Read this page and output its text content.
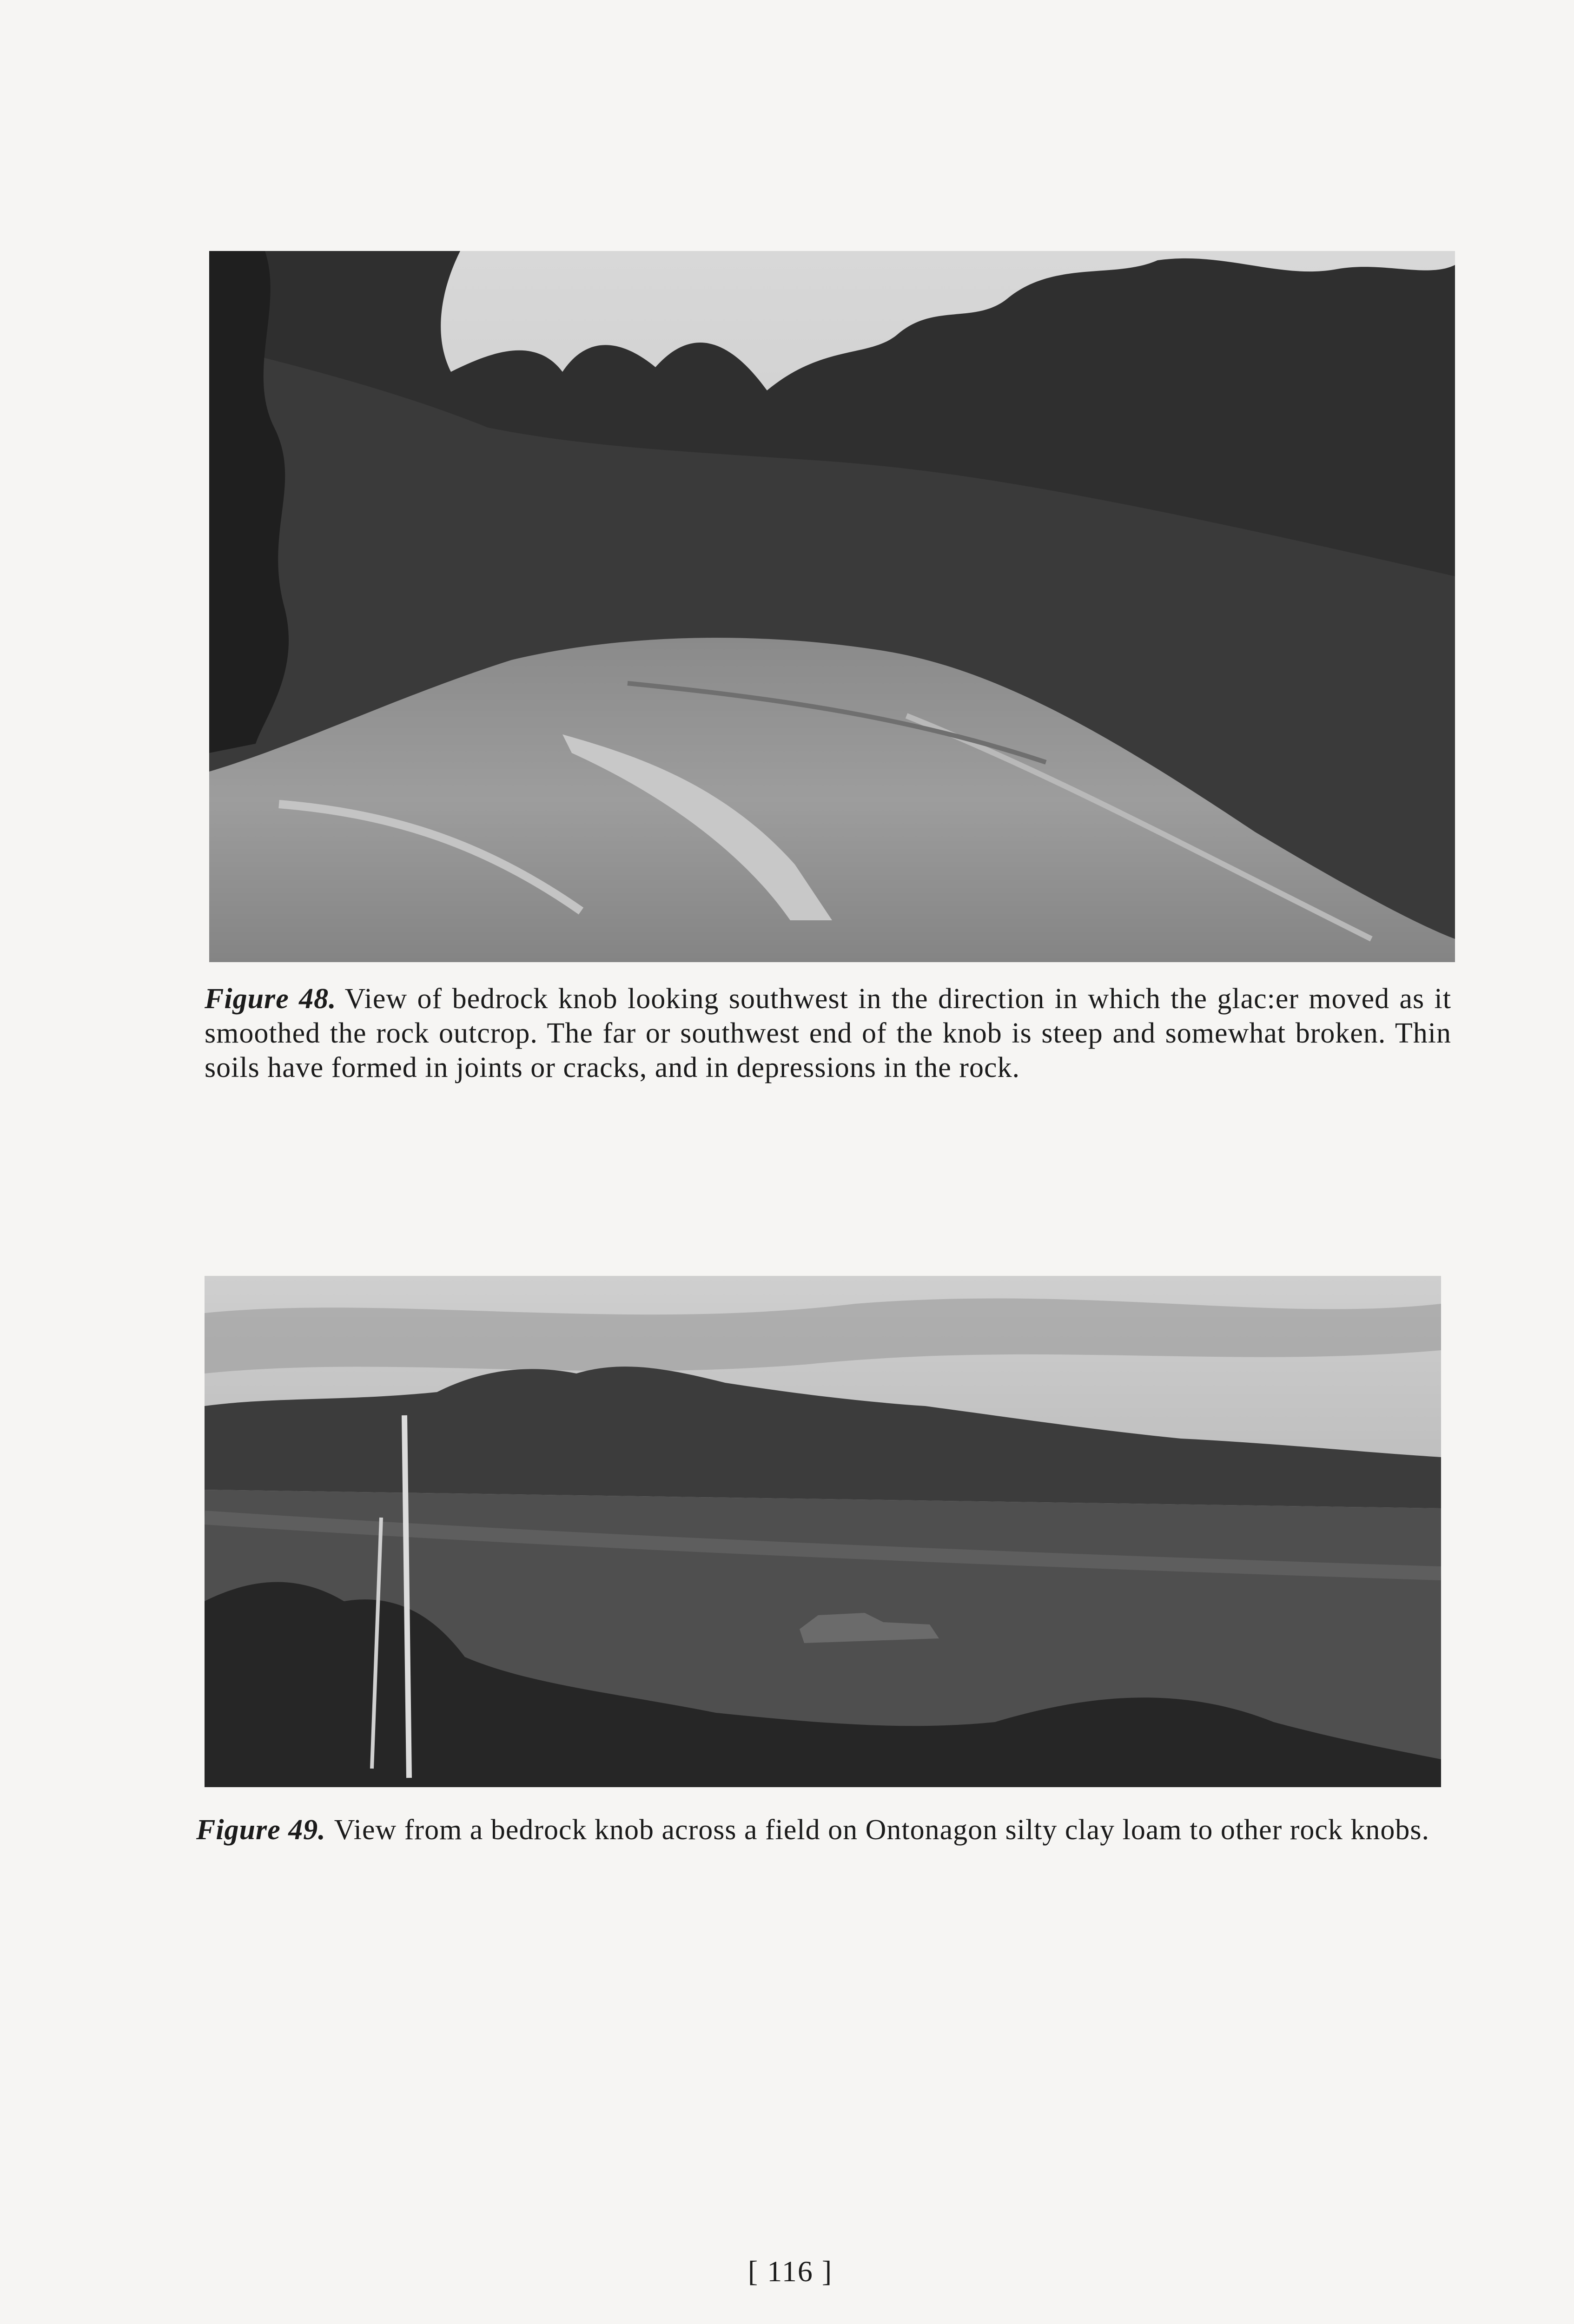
Figure 48. View of bedrock knob looking southwest in the direction in which the glac:er moved as it smoothed the rock outcrop. The far or southwest end of the knob is steep and somewhat broken. Thin soils have formed in joints or cracks, and in depressions in the rock.
Figure 49. View from a bedrock knob across a field on Ontonagon silty clay loam to other rock knobs.
[ 116 ]
